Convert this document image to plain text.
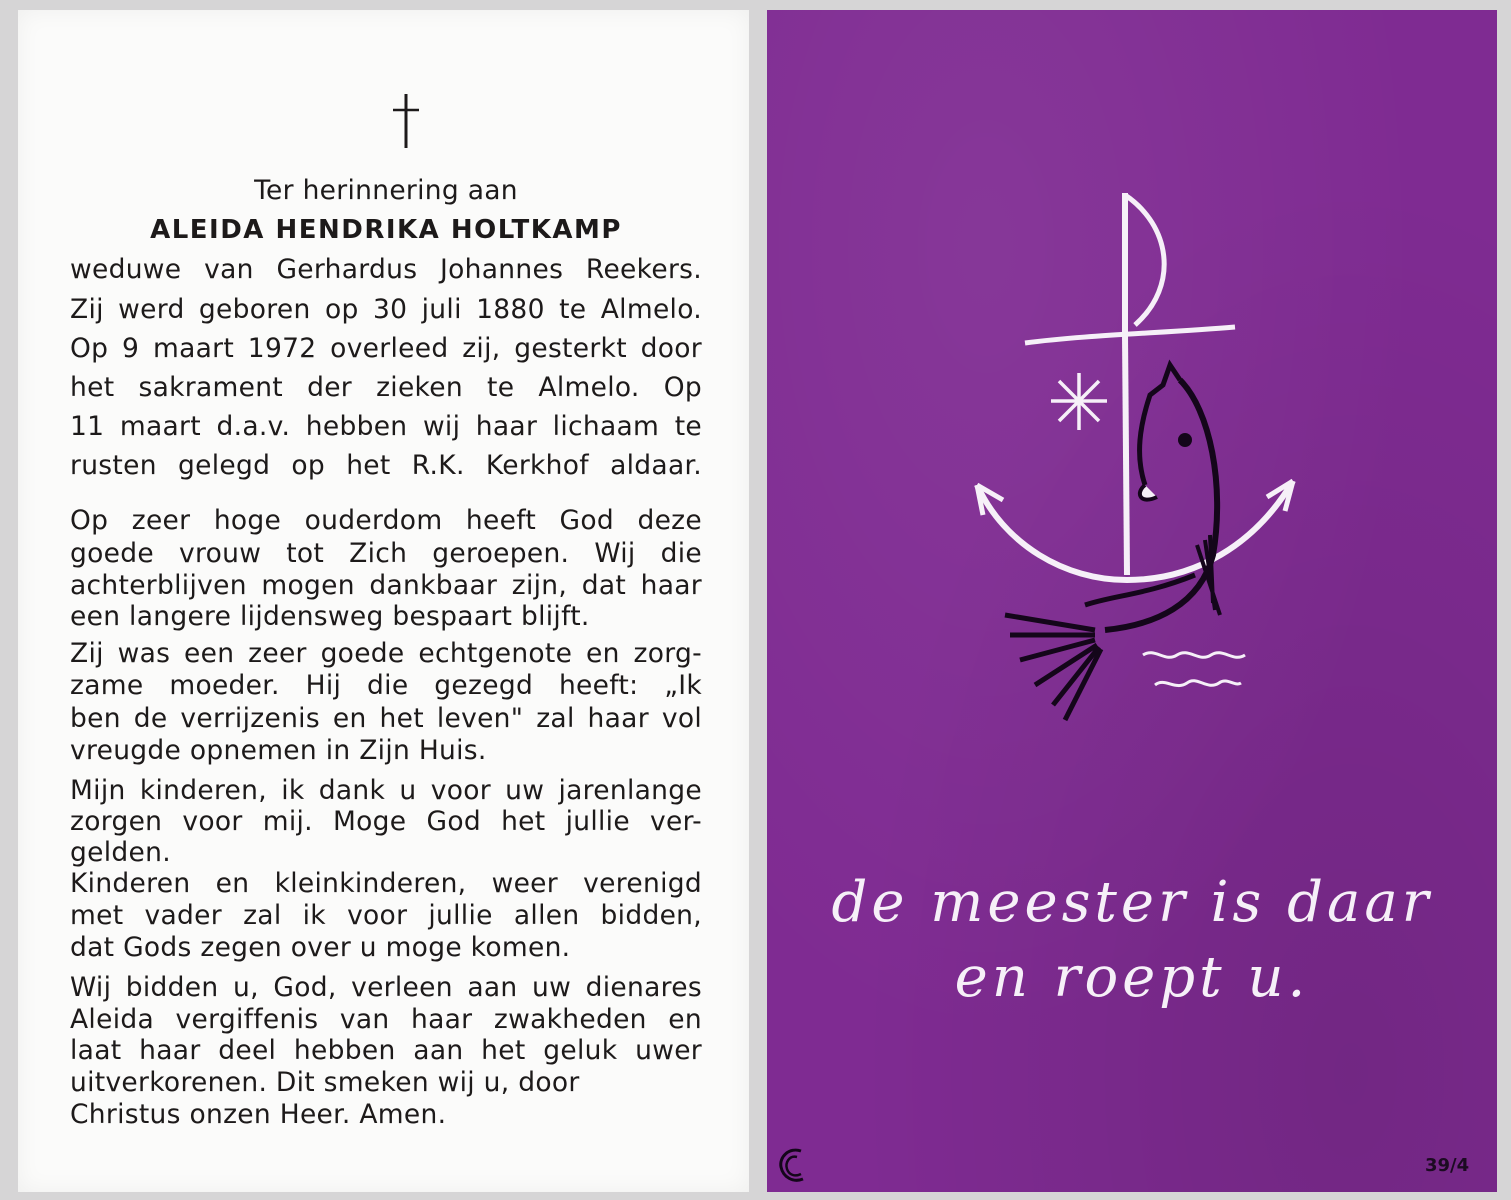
Ter herinnering aan
ALEIDA HENDRIKA HOLTKAMP
weduwe van Gerhardus Johannes Reekers.
Zij werd geboren op 30 juli 1880 te Almelo.
Op 9 maart 1972 overleed zij, gesterkt door
het sakrament der zieken te Almelo. Op
11 maart d.a.v. hebben wij haar lichaam te
rusten gelegd op het R.K. Kerkhof aldaar.
Op zeer hoge ouderdom heeft God deze
goede vrouw tot Zich geroepen. Wij die
achterblijven mogen dankbaar zijn, dat haar
een langere lijdensweg bespaart blijft.
Zij was een zeer goede echtgenote en zorg-
zame moeder. Hij die gezegd heeft: „Ik
ben de verrijzenis en het leven" zal haar vol
vreugde opnemen in Zijn Huis.
Mijn kinderen, ik dank u voor uw jarenlange
zorgen voor mij. Moge God het jullie ver-
gelden.
Kinderen en kleinkinderen, weer verenigd
met vader zal ik voor jullie allen bidden,
dat Gods zegen over u moge komen.
Wij bidden u, God, verleen aan uw dienares
Aleida vergiffenis van haar zwakheden en
laat haar deel hebben aan het geluk uwer
uitverkorenen. Dit smeken wij u, door
Christus onzen Heer. Amen.
de meester is daar
en roept u.
39/4
